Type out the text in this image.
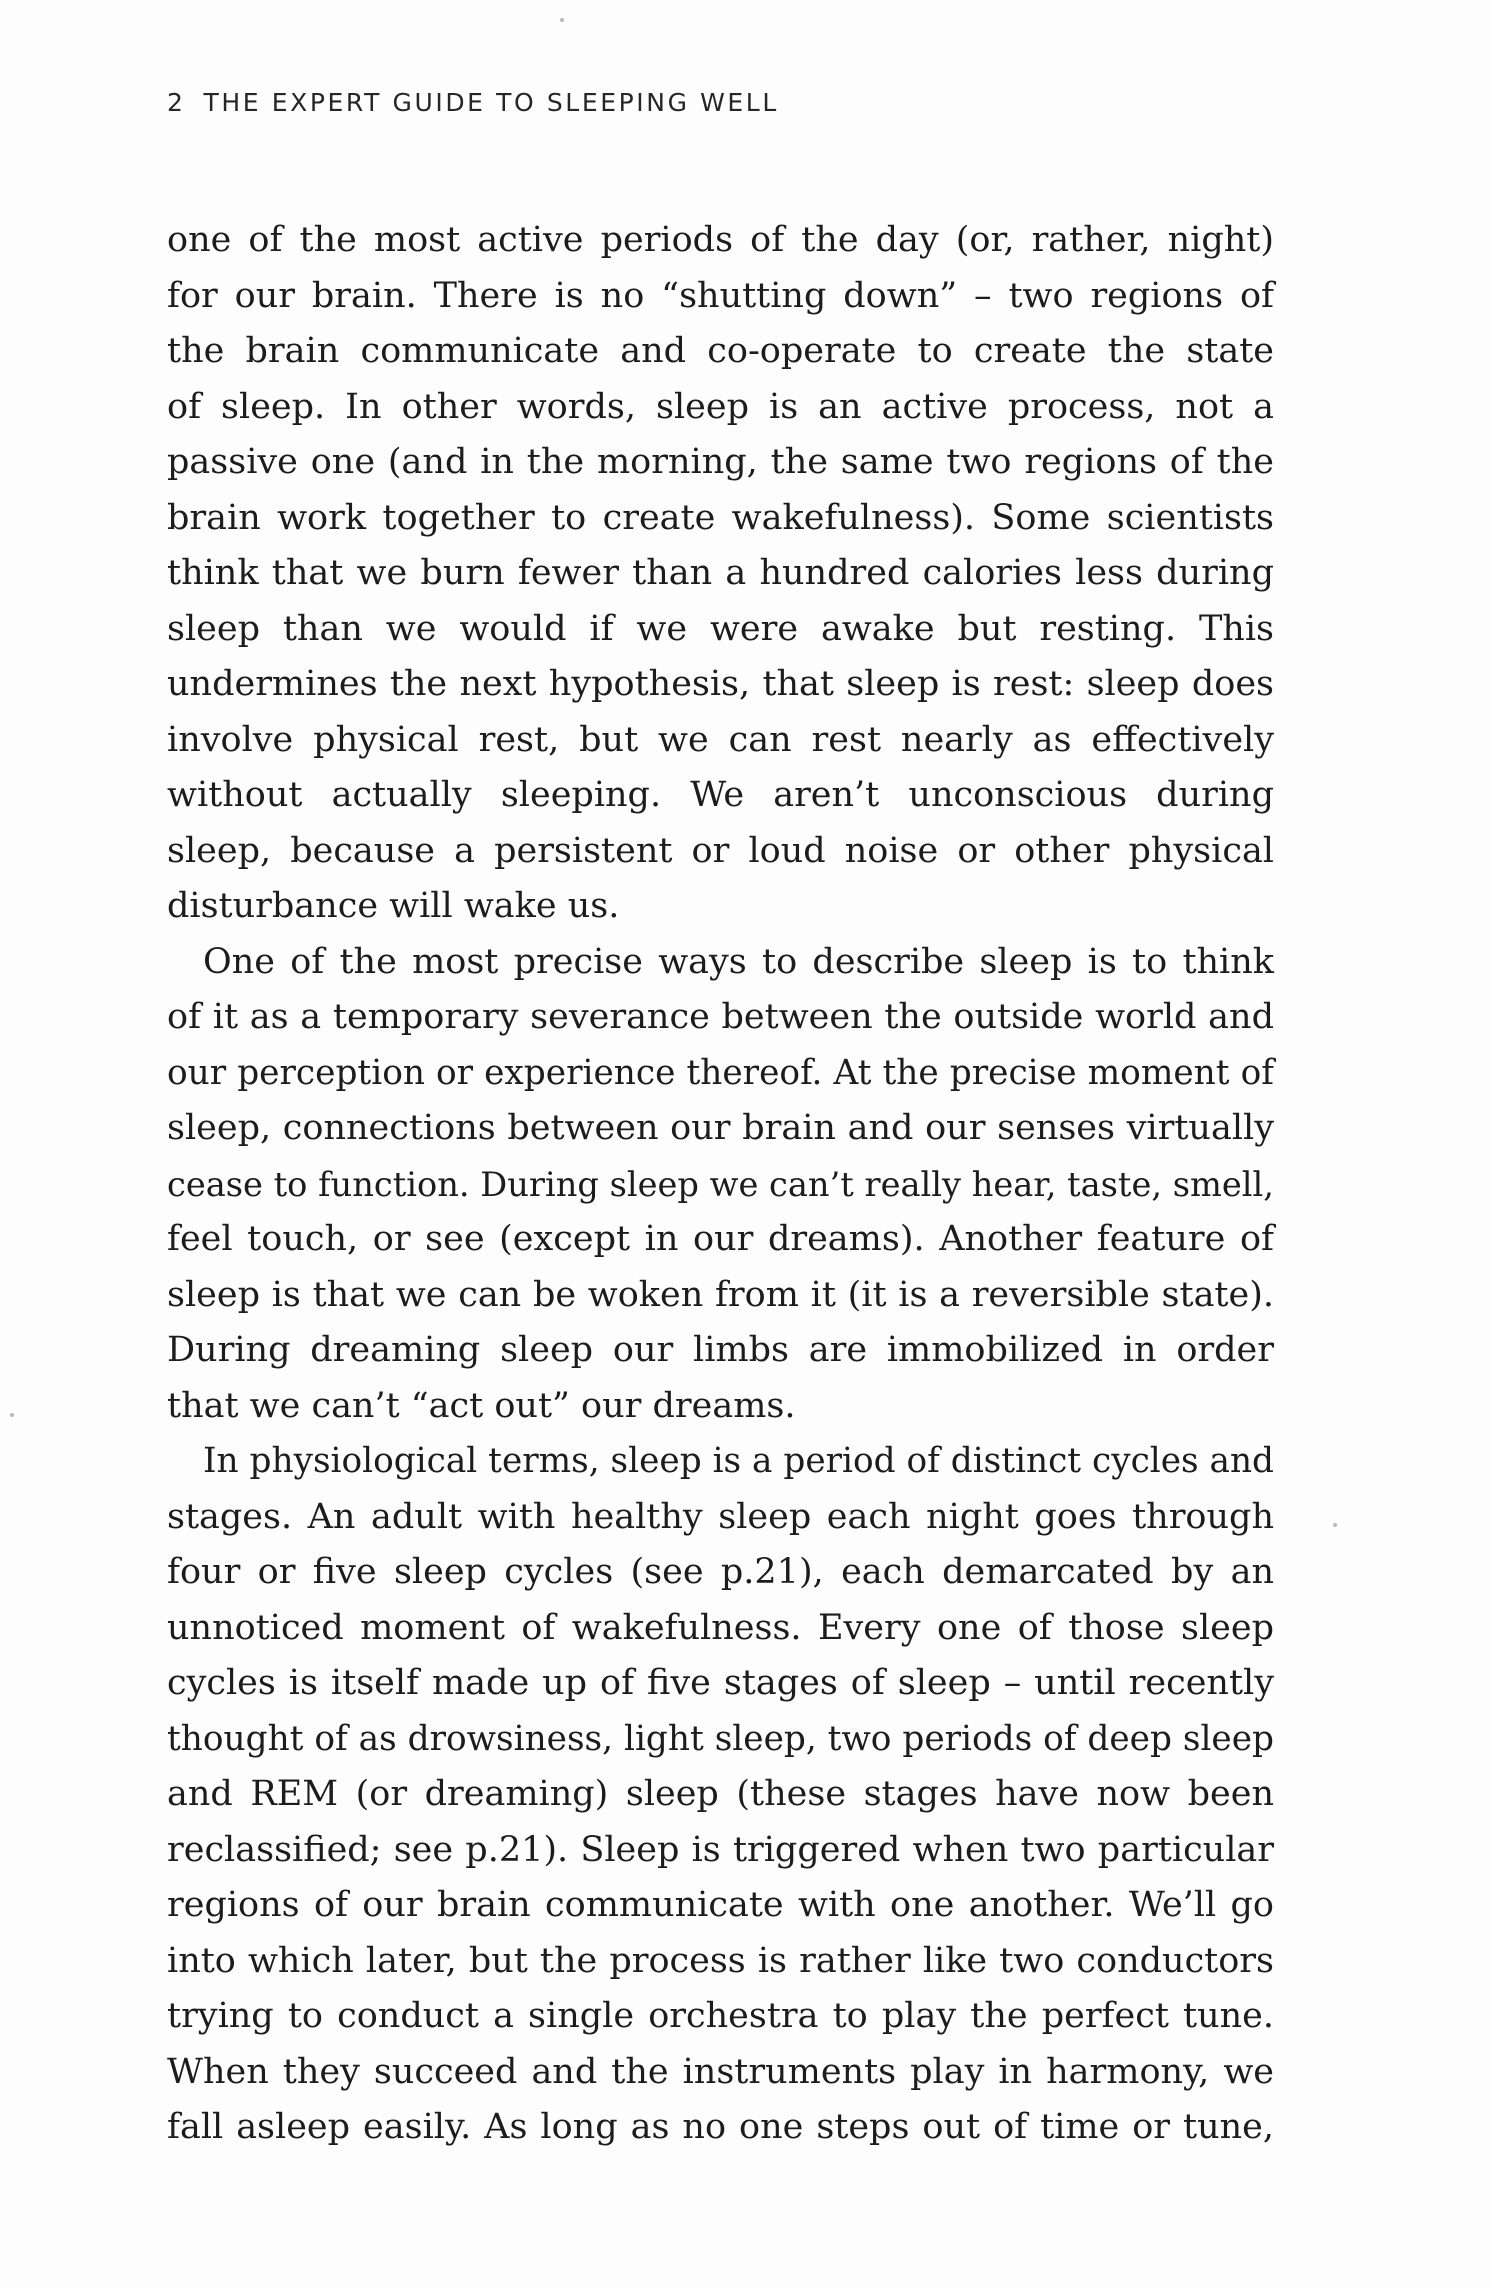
2 THE EXPERT GUIDE TO SLEEPING WELL

one of the most active periods of the day (or, rather, night)
for our brain. There is no “shutting down” – two regions of
the brain communicate and co-operate to create the state
of sleep. In other words, sleep is an active process, not a
passive one (and in the morning, the same two regions of the
brain work together to create wakefulness). Some scientists
think that we burn fewer than a hundred calories less during
sleep than we would if we were awake but resting. This
undermines the next hypothesis, that sleep is rest: sleep does
involve physical rest, but we can rest nearly as effectively
without actually sleeping. We aren’t unconscious during
sleep, because a persistent or loud noise or other physical
disturbance will wake us.

One of the most precise ways to describe sleep is to think
of it as a temporary severance between the outside world and
our perception or experience thereof. At the precise moment of
sleep, connections between our brain and our senses virtually
cease to function. During sleep we can’t really hear, taste, smell,
feel touch, or see (except in our dreams). Another feature of
sleep is that we can be woken from it (it is a reversible state).
During dreaming sleep our limbs are immobilized in order
that we can’t “act out” our dreams.

In physiological terms, sleep is a period of distinct cycles and
stages. An adult with healthy sleep each night goes through
four or five sleep cycles (see p.21), each demarcated by an
unnoticed moment of wakefulness. Every one of those sleep
cycles is itself made up of five stages of sleep – until recently
thought of as drowsiness, light sleep, two periods of deep sleep
and REM (or dreaming) sleep (these stages have now been
reclassified; see p.21). Sleep is triggered when two particular
regions of our brain communicate with one another. We’ll go
into which later, but the process is rather like two conductors
trying to conduct a single orchestra to play the perfect tune.
When they succeed and the instruments play in harmony, we
fall asleep easily. As long as no one steps out of time or tune,
